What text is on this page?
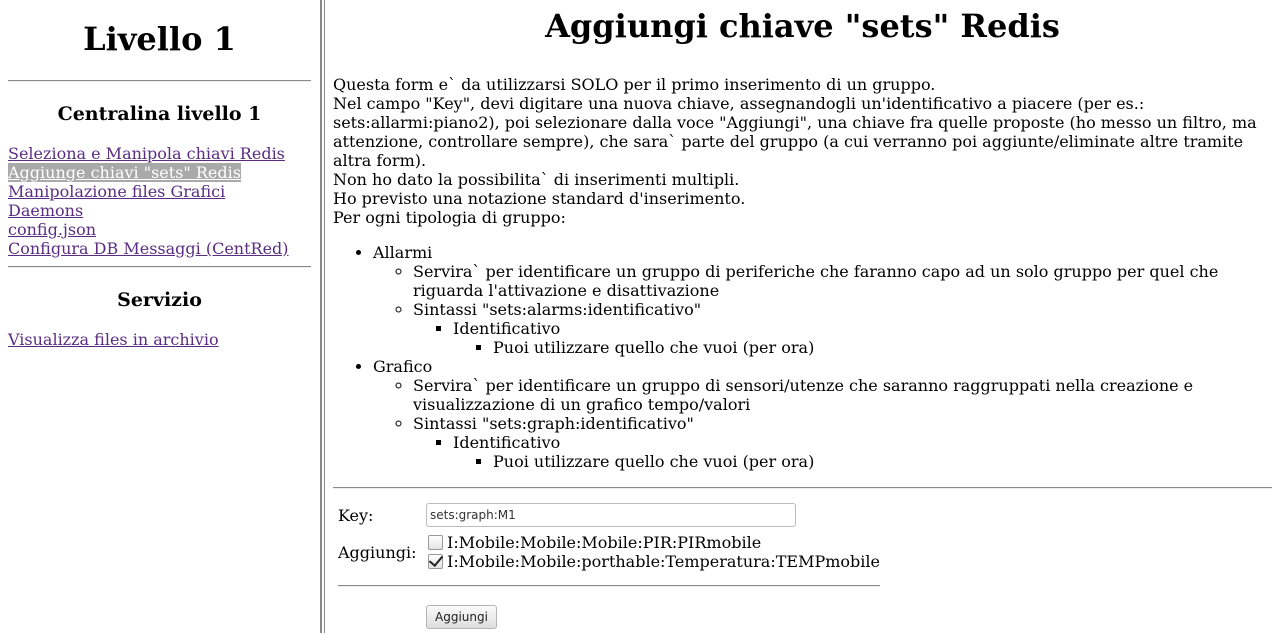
Livello 1
Centralina livello 1
Seleziona e Manipola chiavi Redis
Aggiunge chiavi "sets" Redis
Manipolazione files Grafici
Daemons
config.json
Configura DB Messaggi (CentRed)
Servizio
Visualizza files in archivio
Aggiungi chiave "sets" Redis

Questa form e` da utilizzarsi SOLO per il primo inserimento di un gruppo.

Nel campo "Key", devi digitare una nuova chiave, assegnandogli un'identificativo a piacere (per es.: sets:allarmi:piano2), poi selezionare dalla voce "Aggiungi", una chiave fra quelle proposte (ho messo un filtro, ma attenzione, controllare sempre), che sara` parte del gruppo (a cui verranno poi aggiunte/eliminate altre tramite altra form).

Non ho dato la possibilita` di inserimenti multipli.

Ho previsto una notazione standard d'inserimento.

Per ogni tipologia di gruppo:

• Allarmi
◦ Servira` per identificare un gruppo di periferiche che faranno capo ad un solo gruppo per quel che riguarda l'attivazione e disattivazione
◦ Sintassi "sets:alarms:identificativo"
▪ Identificativo
▪ Puoi utilizzare quello che vuoi (per ora)
• Grafico
◦ Servira` per identificare un gruppo di sensori/utenze che saranno raggruppati nella creazione e visualizzazione di un grafico tempo/valori
◦ Sintassi "sets:graph:identificativo"
▪ Identificativo
▪ Puoi utilizzare quello che vuoi (per ora)
Key:	sets:graph:M1
Aggiungi:	I:Mobile:Mobile:Mobile:PIR:PIRmobile
I:Mobile:Mobile:porthable:Temperatura:TEMPmobile

	Aggiungi
